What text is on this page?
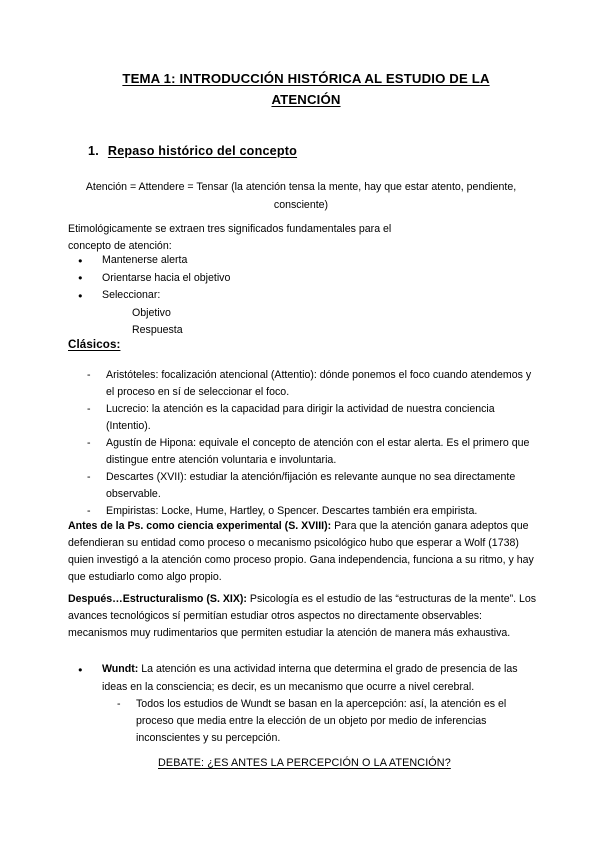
TEMA 1: INTRODUCCIÓN HISTÓRICA AL ESTUDIO DE LA
ATENCIÓN
1. Repaso histórico del concepto
Atención = Attendere = Tensar (la atención tensa la mente, hay que estar atento, pendiente, consciente)
Etimológicamente se extraen tres significados fundamentales para el concepto de atención:
● Mantenerse alerta
● Orientarse hacia el objetivo
● Seleccionar:
Objetivo
Respuesta
Clásicos:
- Aristóteles: focalización atencional (Attentio): dónde ponemos el foco cuando atendemos y el proceso en sí de seleccionar el foco.
- Lucrecio: la atención es la capacidad para dirigir la actividad de nuestra conciencia (Intentio).
- Agustín de Hipona: equivale el concepto de atención con el estar alerta. Es el primero que distingue entre atención voluntaria e involuntaria.
- Descartes (XVII): estudiar la atención/fijación es relevante aunque no sea directamente observable.
- Empiristas: Locke, Hume, Hartley, o Spencer. Descartes también era empirista.
Antes de la Ps. como ciencia experimental (S. XVIII): Para que la atención ganara adeptos que defendieran su entidad como proceso o mecanismo psicológico hubo que esperar a Wolf (1738) quien investigó a la atención como proceso propio. Gana independencia, funciona a su ritmo, y hay que estudiarlo como algo propio.
Después…Estructuralismo (S. XIX): Psicología es el estudio de las “estructuras de la mente”. Los avances tecnológicos sí permitían estudiar otros aspectos no directamente observables: mecanismos muy rudimentarios que permiten estudiar la atención de manera más exhaustiva.
● Wundt: La atención es una actividad interna que determina el grado de presencia de las ideas en la consciencia; es decir, es un mecanismo que ocurre a nivel cerebral.
- Todos los estudios de Wundt se basan en la apercepción: así, la atención es el proceso que media entre la elección de un objeto por medio de inferencias inconscientes y su percepción.
DEBATE: ¿ES ANTES LA PERCEPCIÓN O LA ATENCIÓN?
